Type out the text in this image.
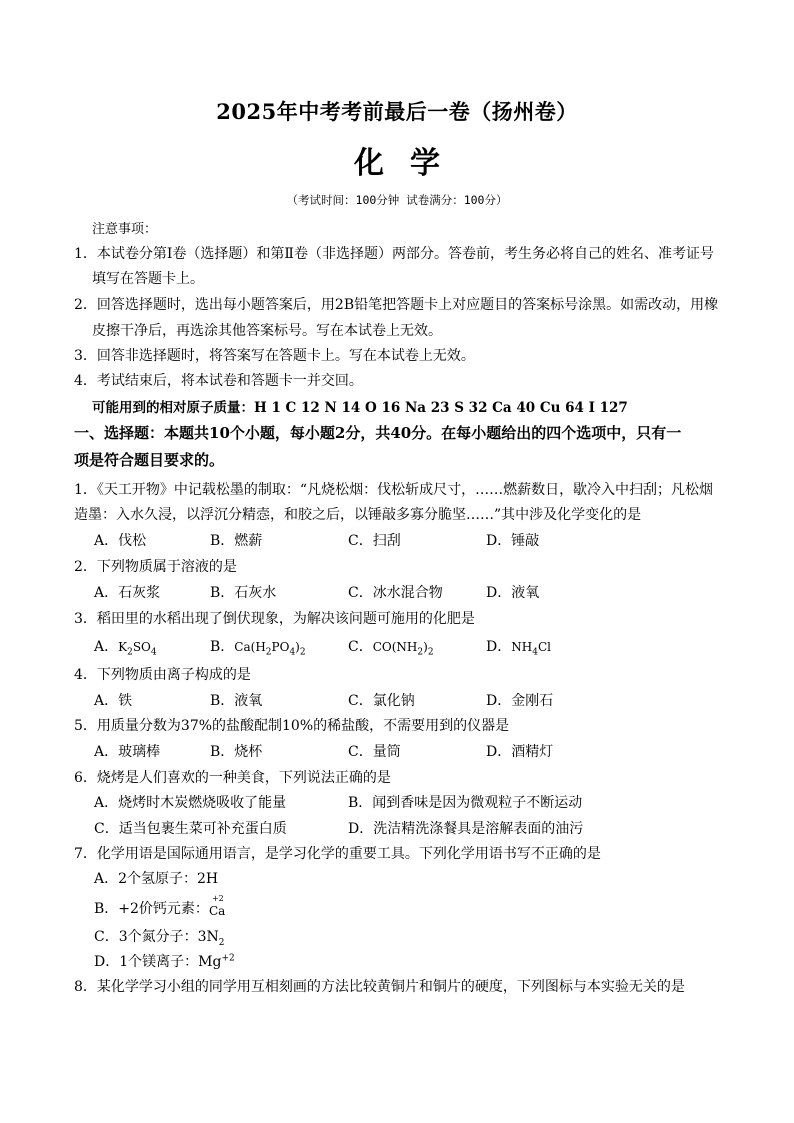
2025年中考考前最后一卷（扬州卷）
化学
（考试时间：100分钟 试卷满分：100分）
注意事项：
1．本试卷分第Ⅰ卷（选择题）和第Ⅱ卷（非选择题）两部分。答卷前，考生务必将自己的姓名、准考证号
填写在答题卡上。
2．回答选择题时，选出每小题答案后，用2B铅笔把答题卡上对应题目的答案标号涂黑。如需改动，用橡
皮擦干净后，再选涂其他答案标号。写在本试卷上无效。
3．回答非选择题时，将答案写在答题卡上。写在本试卷上无效。
4．考试结束后，将本试卷和答题卡一并交回。
可能用到的相对原子质量：H 1 C 12 N 14 O 16 Na 23 S 32 Ca 40 Cu 64 I 127
一、选择题：本题共10个小题，每小题2分，共40分。在每小题给出的四个选项中，只有一
项是符合题目要求的。
1．《天工开物》中记载松墨的制取：“凡烧松烟：伐松斩成尺寸，……燃薪数日，歇冷入中扫刮；凡松烟
造墨：入水久浸，以浮沉分精悫，和胶之后，以锤敲多寡分脆坚……”其中涉及化学变化的是
A．伐松	B．燃薪	C．扫刮	D．锤敲
2．下列物质属于溶液的是
A．石灰浆	B．石灰水	C．冰水混合物	D．液氧
3．稻田里的水稻出现了倒伏现象，为解决该问题可施用的化肥是
A．$K_2SO_4$	B．$Ca(H_2PO_4)_2$	C．$CO(NH_2)_2$	D．$NH_4Cl$
4．下列物质由离子构成的是
A．铁	B．液氧	C．氯化钠	D．金刚石
5．用质量分数为37%的盐酸配制10%的稀盐酸，不需要用到的仪器是
A．玻璃棒	B．烧杯	C．量筒	D．酒精灯
6．烧烤是人们喜欢的一种美食，下列说法正确的是
A．烧烤时木炭燃烧吸收了能量	B．闻到香味是因为微观粒子不断运动
C．适当包裹生菜可补充蛋白质	D．洗洁精洗涤餐具是溶解表面的油污
7．化学用语是国际通用语言，是学习化学的重要工具。下列化学用语书写不正确的是
A．2个氢原子：2H
B．+2价钙元素：
+2
Ca
C．3个氮分子：$3N_2$
D．1个镁离子：$Mg^{+2}$
8．某化学学习小组的同学用互相刻画的方法比较黄铜片和铜片的硬度，下列图标与本实验无关的是
